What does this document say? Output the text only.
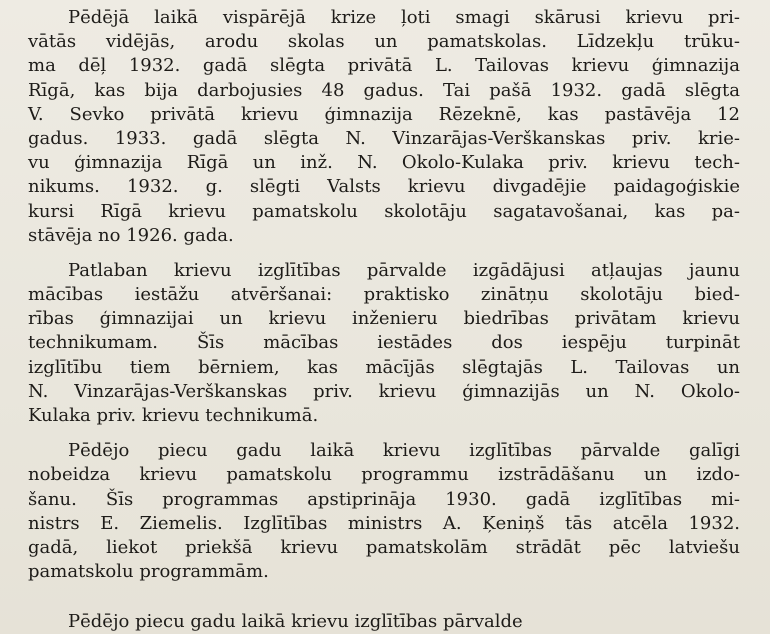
Pēdējā laikā vispārējā krize ļoti smagi skārusi krievu pri-
vātās vidējās, arodu skolas un pamatskolas. Līdzekļu trūku-
ma dēļ 1932. gadā slēgta privātā L. Tailovas krievu ģimnazija
Rīgā, kas bija darbojusies 48 gadus. Tai pašā 1932. gadā slēgta
V. Sevko privātā krievu ģimnazija Rēzeknē, kas pastāvēja 12
gadus. 1933. gadā slēgta N. Vinzarājas-Verškanskas priv. krie-
vu ģimnazija Rīgā un inž. N. Okolo-Kulaka priv. krievu tech-
nikums. 1932. g. slēgti Valsts krievu divgadējie paidagoģiskie
kursi Rīgā krievu pamatskolu skolotāju sagatavošanai, kas pa-
stāvēja no 1926. gada.
Patlaban krievu izglītības pārvalde izgādājusi atļaujas jaunu
mācības iestāžu atvēršanai: praktisko zinātņu skolotāju bied-
rības ģimnazijai un krievu inženieru biedrības privātam krievu
technikumam. Šīs mācības iestādes dos iespēju turpināt
izglītību tiem bērniem, kas mācījās slēgtajās L. Tailovas un
N. Vinzarājas-Verškanskas priv. krievu ģimnazijās un N. Okolo-
Kulaka priv. krievu technikumā.
Pēdējo piecu gadu laikā krievu izglītības pārvalde galīgi
nobeidza krievu pamatskolu programmu izstrādāšanu un izdo-
šanu. Šīs programmas apstiprināja 1930. gadā izglītības mi-
nistrs E. Ziemelis. Izglītības ministrs A. Ķeniņš tās atcēla 1932.
gadā, liekot priekšā krievu pamatskolām strādāt pēc latviešu
pamatskolu programmām.
Pēdējo piecu gadu laikā krievu izglītības pārvalde
